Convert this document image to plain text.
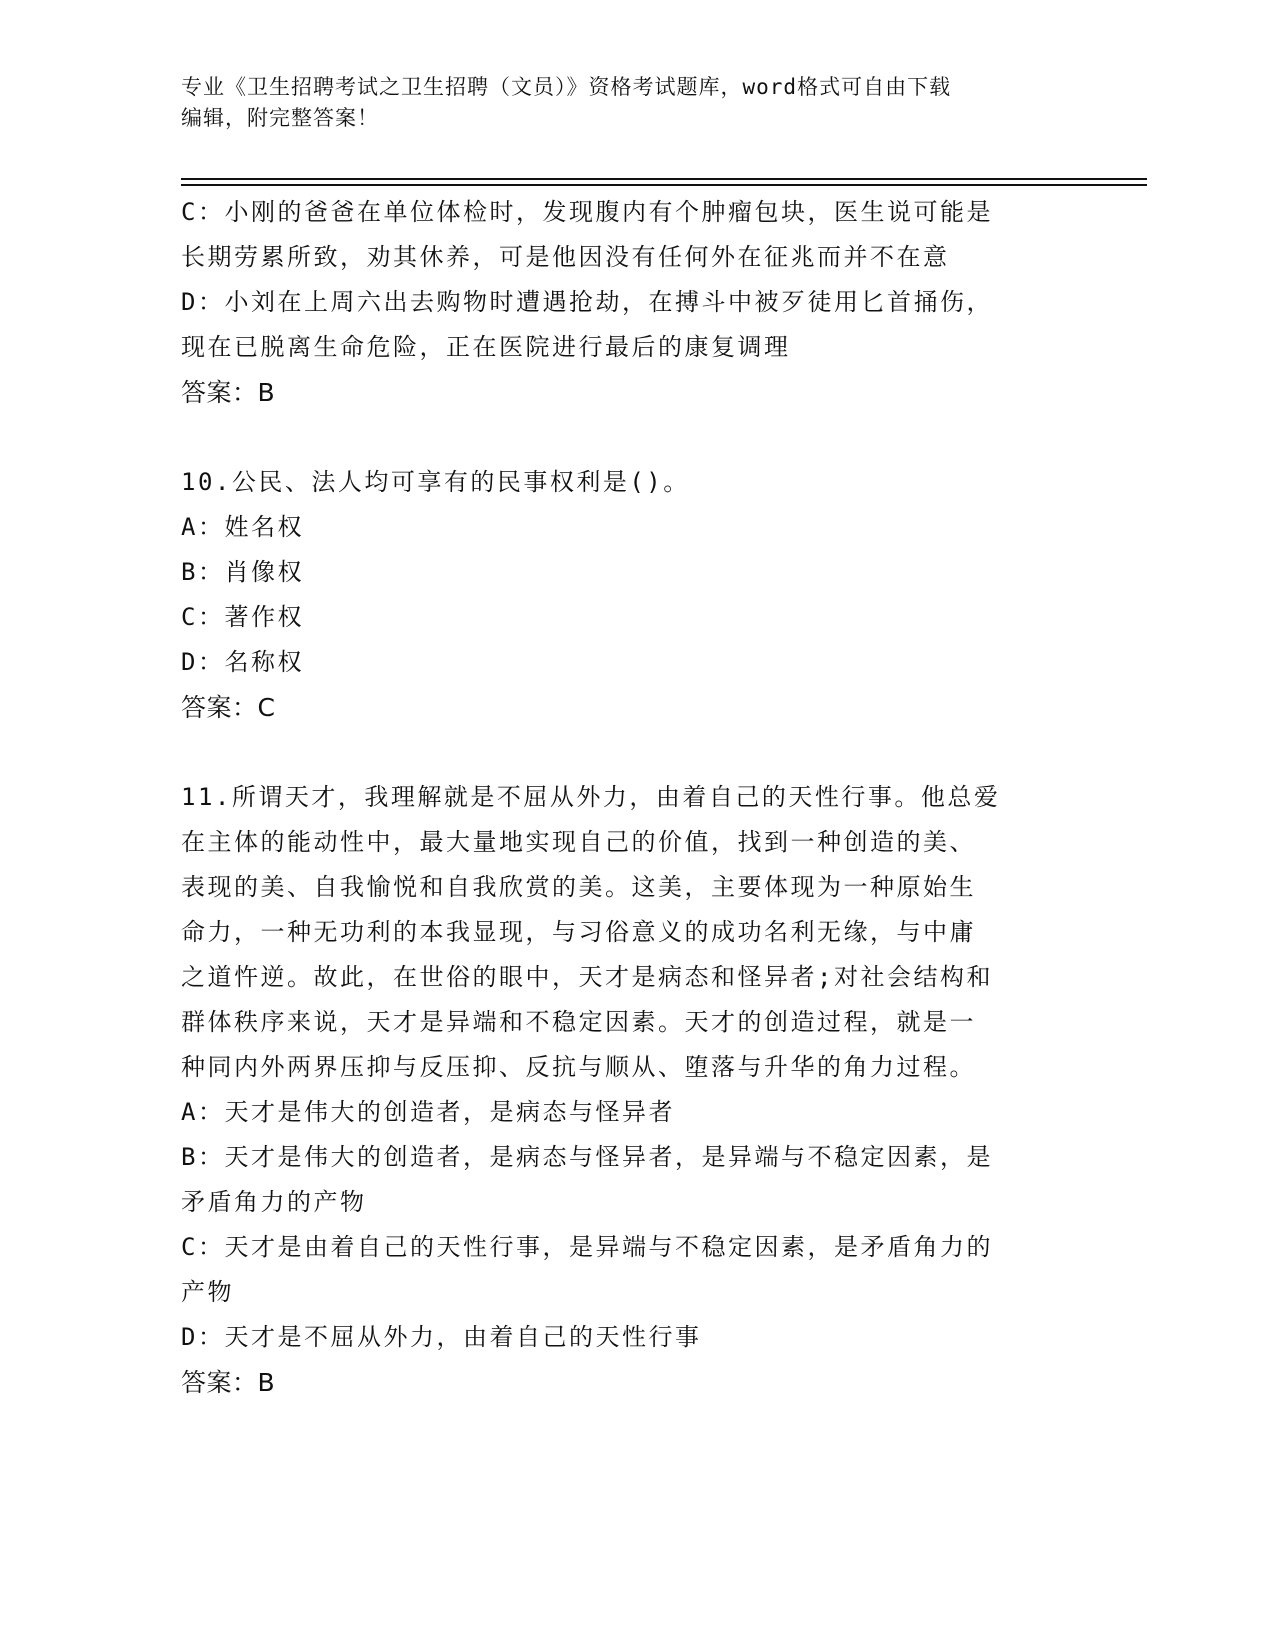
专业《卫生招聘考试之卫生招聘（文员）》资格考试题库，word格式可自由下载
编辑，附完整答案！
C：小刚的爸爸在单位体检时，发现腹内有个肿瘤包块，医生说可能是
长期劳累所致，劝其休养，可是他因没有任何外在征兆而并不在意
D：小刘在上周六出去购物时遭遇抢劫，在搏斗中被歹徒用匕首捅伤，
现在已脱离生命危险，正在医院进行最后的康复调理
答案：B
10.公民、法人均可享有的民事权利是()。
A：姓名权
B：肖像权
C：著作权
D：名称权
答案：C
11.所谓天才，我理解就是不屈从外力，由着自己的天性行事。他总爱
在主体的能动性中，最大量地实现自己的价值，找到一种创造的美、
表现的美、自我愉悦和自我欣赏的美。这美，主要体现为一种原始生
命力，一种无功利的本我显现，与习俗意义的成功名利无缘，与中庸
之道忤逆。故此，在世俗的眼中，天才是病态和怪异者;对社会结构和
群体秩序来说，天才是异端和不稳定因素。天才的创造过程，就是一
种同内外两界压抑与反压抑、反抗与顺从、堕落与升华的角力过程。
A：天才是伟大的创造者，是病态与怪异者
B：天才是伟大的创造者，是病态与怪异者，是异端与不稳定因素，是
矛盾角力的产物
C：天才是由着自己的天性行事，是异端与不稳定因素，是矛盾角力的
产物
D：天才是不屈从外力，由着自己的天性行事
答案：B
